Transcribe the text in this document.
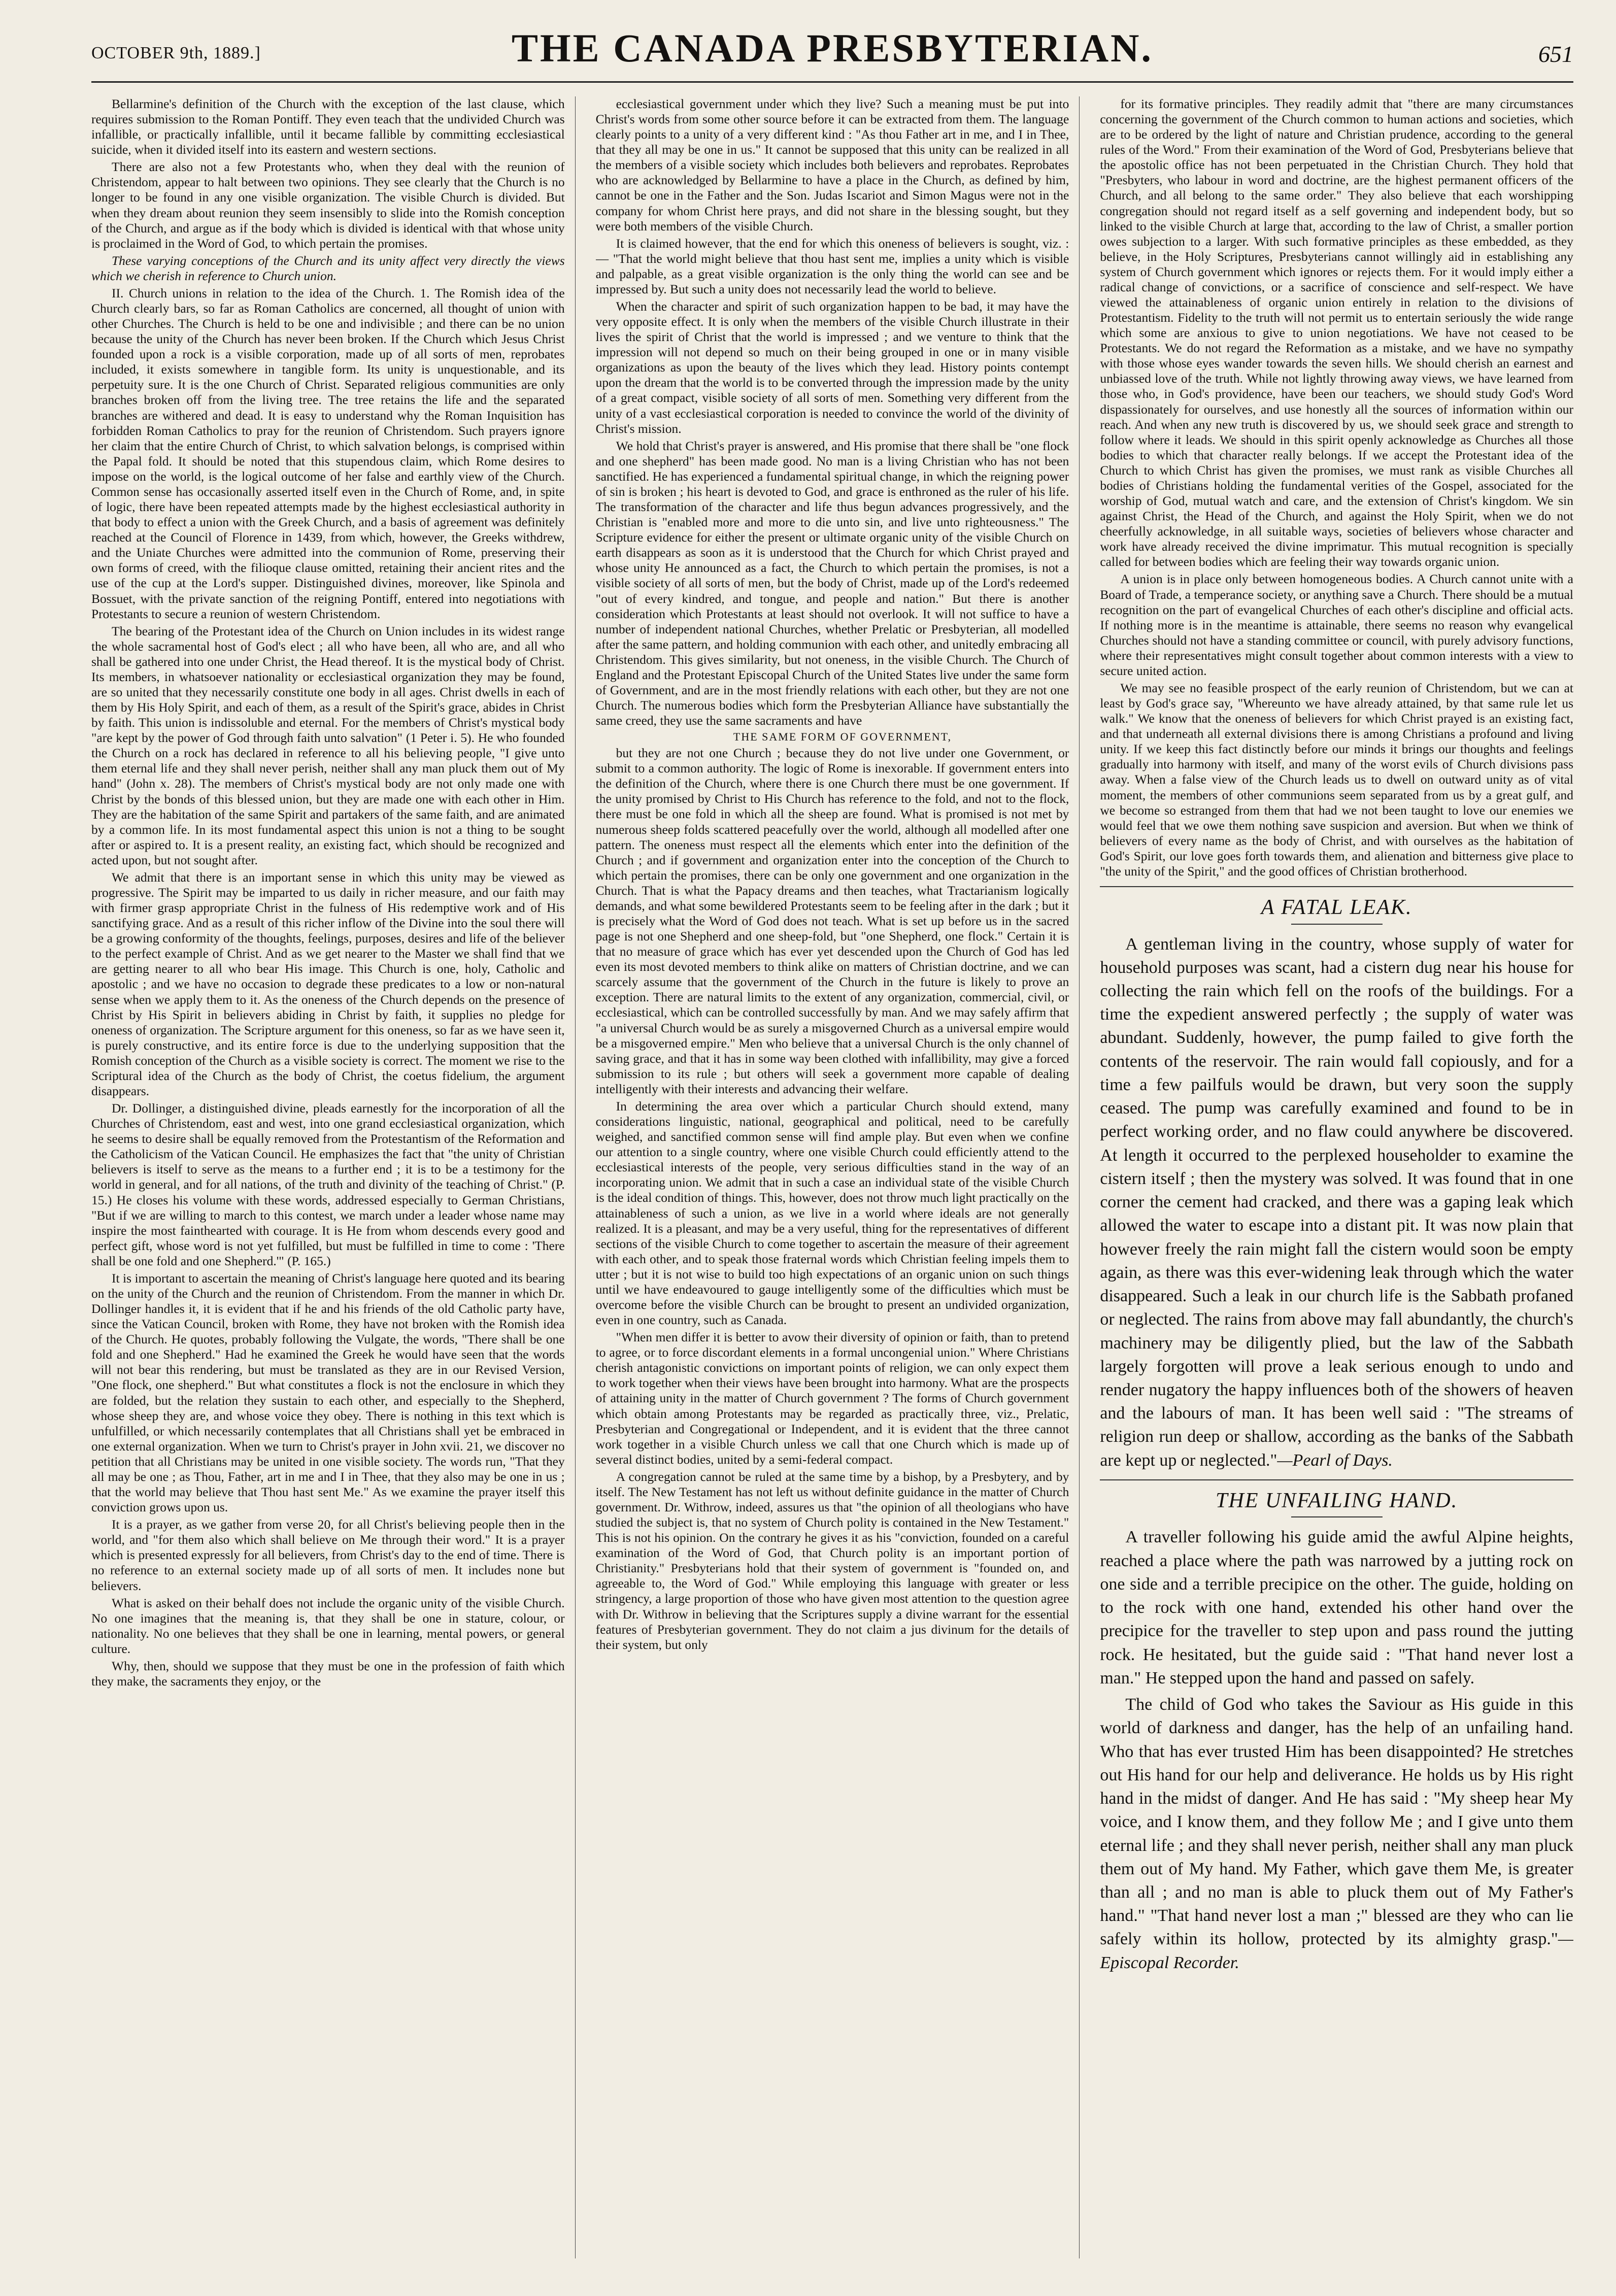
OCTOBER 9th, 1889.]	THE CANADA PRESBYTERIAN.	651

Bellarmine's definition of the Church with the exception of the last clause, which requires submission to the Roman Pontiff. They even teach that the undivided Church was infallible, or practically infallible, until it became fallible by committing ecclesiastical suicide, when it divided itself into its eastern and western sections.

There are also not a few Protestants who, when they deal with the reunion of Christendom, appear to halt between two opinions. They see clearly that the Church is no longer to be found in any one visible organization. The visible Church is divided. But when they dream about reunion they seem insensibly to slide into the Romish conception of the Church, and argue as if the body which is divided is identical with that whose unity is proclaimed in the Word of God, to which pertain the promises.

These varying conceptions of the Church and its unity affect very directly the views which we cherish in reference to Church union.

II. Church unions in relation to the idea of the Church. 1. The Romish idea of the Church clearly bars, so far as Roman Catholics are concerned, all thought of union with other Churches. The Church is held to be one and indivisible ; and there can be no union because the unity of the Church has never been broken. If the Church which Jesus Christ founded upon a rock is a visible corporation, made up of all sorts of men, reprobates included, it exists somewhere in tangible form. Its unity is unquestionable, and its perpetuity sure. It is the one Church of Christ. Separated religious communities are only branches broken off from the living tree. The tree retains the life and the separated branches are withered and dead. It is easy to understand why the Roman Inquisition has forbidden Roman Catholics to pray for the reunion of Christendom. Such prayers ignore her claim that the entire Church of Christ, to which salvation belongs, is comprised within the Papal fold. It should be noted that this stupendous claim, which Rome desires to impose on the world, is the logical outcome of her false and earthly view of the Church. Common sense has occasionally asserted itself even in the Church of Rome, and, in spite of logic, there have been repeated attempts made by the highest ecclesiastical authority in that body to effect a union with the Greek Church, and a basis of agreement was definitely reached at the Council of Florence in 1439, from which, however, the Greeks withdrew, and the Uniate Churches were admitted into the communion of Rome, preserving their own forms of creed, with the filioque clause omitted, retaining their ancient rites and the use of the cup at the Lord's supper. Distinguished divines, moreover, like Spinola and Bossuet, with the private sanction of the reigning Pontiff, entered into negotiations with Protestants to secure a reunion of western Christendom.

The bearing of the Protestant idea of the Church on Union includes in its widest range the whole sacramental host of God's elect ; all who have been, all who are, and all who shall be gathered into one under Christ, the Head thereof. It is the mystical body of Christ. Its members, in whatsoever nationality or ecclesiastical organization they may be found, are so united that they necessarily constitute one body in all ages. Christ dwells in each of them by His Holy Spirit, and each of them, as a result of the Spirit's grace, abides in Christ by faith. This union is indissoluble and eternal. For the members of Christ's mystical body "are kept by the power of God through faith unto salvation" (1 Peter i. 5). He who founded the Church on a rock has declared in reference to all his believing people, "I give unto them eternal life and they shall never perish, neither shall any man pluck them out of My hand" (John x. 28). The members of Christ's mystical body are not only made one with Christ by the bonds of this blessed union, but they are made one with each other in Him. They are the habitation of the same Spirit and partakers of the same faith, and are animated by a common life. In its most fundamental aspect this union is not a thing to be sought after or aspired to. It is a present reality, an existing fact, which should be recognized and acted upon, but not sought after.

We admit that there is an important sense in which this unity may be viewed as progressive. The Spirit may be imparted to us daily in richer measure, and our faith may with firmer grasp appropriate Christ in the fulness of His redemptive work and of His sanctifying grace. And as a result of this richer inflow of the Divine into the soul there will be a growing conformity of the thoughts, feelings, purposes, desires and life of the believer to the perfect example of Christ. And as we get nearer to the Master we shall find that we are getting nearer to all who bear His image. This Church is one, holy, Catholic and apostolic ; and we have no occasion to degrade these predicates to a low or non-natural sense when we apply them to it. As the oneness of the Church depends on the presence of Christ by His Spirit in believers abiding in Christ by faith, it supplies no pledge for oneness of organization. The Scripture argument for this oneness, so far as we have seen it, is purely constructive, and its entire force is due to the underlying supposition that the Romish conception of the Church as a visible society is correct. The moment we rise to the Scriptural idea of the Church as the body of Christ, the coetus fidelium, the argument disappears.

Dr. Dollinger, a distinguished divine, pleads earnestly for the incorporation of all the Churches of Christendom, east and west, into one grand ecclesiastical organization, which he seems to desire shall be equally removed from the Protestantism of the Reformation and the Catholicism of the Vatican Council. He emphasizes the fact that "the unity of Christian believers is itself to serve as the means to a further end ; it is to be a testimony for the world in general, and for all nations, of the truth and divinity of the teaching of Christ." (P. 15.) He closes his volume with these words, addressed especially to German Christians, "But if we are willing to march to this contest, we march under a leader whose name may inspire the most fainthearted with courage. It is He from whom descends every good and perfect gift, whose word is not yet fulfilled, but must be fulfilled in time to come : 'There shall be one fold and one Shepherd.'" (P. 165.)

It is important to ascertain the meaning of Christ's language here quoted and its bearing on the unity of the Church and the reunion of Christendom. From the manner in which Dr. Dollinger handles it, it is evident that if he and his friends of the old Catholic party have, since the Vatican Council, broken with Rome, they have not broken with the Romish idea of the Church. He quotes, probably following the Vulgate, the words, "There shall be one fold and one Shepherd." Had he examined the Greek he would have seen that the words will not bear this rendering, but must be translated as they are in our Revised Version, "One flock, one shepherd." But what constitutes a flock is not the enclosure in which they are folded, but the relation they sustain to each other, and especially to the Shepherd, whose sheep they are, and whose voice they obey. There is nothing in this text which is unfulfilled, or which necessarily contemplates that all Christians shall yet be embraced in one external organization. When we turn to Christ's prayer in John xvii. 21, we discover no petition that all Christians may be united in one visible society. The words run, "That they all may be one ; as Thou, Father, art in me and I in Thee, that they also may be one in us ; that the world may believe that Thou hast sent Me." As we examine the prayer itself this conviction grows upon us.

It is a prayer, as we gather from verse 20, for all Christ's believing people then in the world, and "for them also which shall believe on Me through their word." It is a prayer which is presented expressly for all believers, from Christ's day to the end of time. There is no reference to an external society made up of all sorts of men. It includes none but believers.

What is asked on their behalf does not include the organic unity of the visible Church. No one imagines that the meaning is, that they shall be one in stature, colour, or nationality. No one believes that they shall be one in learning, mental powers, or general culture.

Why, then, should we suppose that they must be one in the profession of faith which they make, the sacraments they enjoy, or the

ecclesiastical government under which they live? Such a meaning must be put into Christ's words from some other source before it can be extracted from them. The language clearly points to a unity of a very different kind : "As thou Father art in me, and I in Thee, that they all may be one in us." It cannot be supposed that this unity can be realized in all the members of a visible society which includes both believers and reprobates. Reprobates who are acknowledged by Bellarmine to have a place in the Church, as defined by him, cannot be one in the Father and the Son. Judas Iscariot and Simon Magus were not in the company for whom Christ here prays, and did not share in the blessing sought, but they were both members of the visible Church.

It is claimed however, that the end for which this oneness of believers is sought, viz. :— "That the world might believe that thou hast sent me, implies a unity which is visible and palpable, as a great visible organization is the only thing the world can see and be impressed by. But such a unity does not necessarily lead the world to believe.

When the character and spirit of such organization happen to be bad, it may have the very opposite effect. It is only when the members of the visible Church illustrate in their lives the spirit of Christ that the world is impressed ; and we venture to think that the impression will not depend so much on their being grouped in one or in many visible organizations as upon the beauty of the lives which they lead. History points contempt upon the dream that the world is to be converted through the impression made by the unity of a great compact, visible society of all sorts of men. Something very different from the unity of a vast ecclesiastical corporation is needed to convince the world of the divinity of Christ's mission.

We hold that Christ's prayer is answered, and His promise that there shall be "one flock and one shepherd" has been made good. No man is a living Christian who has not been sanctified. He has experienced a fundamental spiritual change, in which the reigning power of sin is broken ; his heart is devoted to God, and grace is enthroned as the ruler of his life. The transformation of the character and life thus begun advances progressively, and the Christian is "enabled more and more to die unto sin, and live unto righteousness." The Scripture evidence for either the present or ultimate organic unity of the visible Church on earth disappears as soon as it is understood that the Church for which Christ prayed and whose unity He announced as a fact, the Church to which pertain the promises, is not a visible society of all sorts of men, but the body of Christ, made up of the Lord's redeemed "out of every kindred, and tongue, and people and nation." But there is another consideration which Protestants at least should not overlook. It will not suffice to have a number of independent national Churches, whether Prelatic or Presbyterian, all modelled after the same pattern, and holding communion with each other, and unitedly embracing all Christendom. This gives similarity, but not oneness, in the visible Church. The Church of England and the Protestant Episcopal Church of the United States live under the same form of Government, and are in the most friendly relations with each other, but they are not one Church. The numerous bodies which form the Presbyterian Alliance have substantially the same creed, they use the same sacraments and have

THE SAME FORM OF GOVERNMENT,

but they are not one Church ; because they do not live under one Government, or submit to a common authority. The logic of Rome is inexorable. If government enters into the definition of the Church, where there is one Church there must be one government. If the unity promised by Christ to His Church has reference to the fold, and not to the flock, there must be one fold in which all the sheep are found. What is promised is not met by numerous sheep folds scattered peacefully over the world, although all modelled after one pattern. The oneness must respect all the elements which enter into the definition of the Church ; and if government and organization enter into the conception of the Church to which pertain the promises, there can be only one government and one organization in the Church. That is what the Papacy dreams and then teaches, what Tractarianism logically demands, and what some bewildered Protestants seem to be feeling after in the dark ; but it is precisely what the Word of God does not teach. What is set up before us in the sacred page is not one Shepherd and one sheep-fold, but "one Shepherd, one flock." Certain it is that no measure of grace which has ever yet descended upon the Church of God has led even its most devoted members to think alike on matters of Christian doctrine, and we can scarcely assume that the government of the Church in the future is likely to prove an exception. There are natural limits to the extent of any organization, commercial, civil, or ecclesiastical, which can be controlled successfully by man. And we may safely affirm that "a universal Church would be as surely a misgoverned Church as a universal empire would be a misgoverned empire." Men who believe that a universal Church is the only channel of saving grace, and that it has in some way been clothed with infallibility, may give a forced submission to its rule ; but others will seek a government more capable of dealing intelligently with their interests and advancing their welfare.

In determining the area over which a particular Church should extend, many considerations linguistic, national, geographical and political, need to be carefully weighed, and sanctified common sense will find ample play. But even when we confine our attention to a single country, where one visible Church could efficiently attend to the ecclesiastical interests of the people, very serious difficulties stand in the way of an incorporating union. We admit that in such a case an individual state of the visible Church is the ideal condition of things. This, however, does not throw much light practically on the attainableness of such a union, as we live in a world where ideals are not generally realized. It is a pleasant, and may be a very useful, thing for the representatives of different sections of the visible Church to come together to ascertain the measure of their agreement with each other, and to speak those fraternal words which Christian feeling impels them to utter ; but it is not wise to build too high expectations of an organic union on such things until we have endeavoured to gauge intelligently some of the difficulties which must be overcome before the visible Church can be brought to present an undivided organization, even in one country, such as Canada.

"When men differ it is better to avow their diversity of opinion or faith, than to pretend to agree, or to force discordant elements in a formal uncongenial union." Where Christians cherish antagonistic convictions on important points of religion, we can only expect them to work together when their views have been brought into harmony. What are the prospects of attaining unity in the matter of Church government ? The forms of Church government which obtain among Protestants may be regarded as practically three, viz., Prelatic, Presbyterian and Congregational or Independent, and it is evident that the three cannot work together in a visible Church unless we call that one Church which is made up of several distinct bodies, united by a semi-federal compact.

A congregation cannot be ruled at the same time by a bishop, by a Presbytery, and by itself. The New Testament has not left us without definite guidance in the matter of Church government. Dr. Withrow, indeed, assures us that "the opinion of all theologians who have studied the subject is, that no system of Church polity is contained in the New Testament." This is not his opinion. On the contrary he gives it as his "conviction, founded on a careful examination of the Word of God, that Church polity is an important portion of Christianity." Presbyterians hold that their system of government is "founded on, and agreeable to, the Word of God." While employing this language with greater or less stringency, a large proportion of those who have given most attention to the question agree with Dr. Withrow in believing that the Scriptures supply a divine warrant for the essential features of Presbyterian government. They do not claim a jus divinum for the details of their system, but only

for its formative principles. They readily admit that "there are many circumstances concerning the government of the Church common to human actions and societies, which are to be ordered by the light of nature and Christian prudence, according to the general rules of the Word." From their examination of the Word of God, Presbyterians believe that the apostolic office has not been perpetuated in the Christian Church. They hold that "Presbyters, who labour in word and doctrine, are the highest permanent officers of the Church, and all belong to the same order." They also believe that each worshipping congregation should not regard itself as a self governing and independent body, but so linked to the visible Church at large that, according to the law of Christ, a smaller portion owes subjection to a larger. With such formative principles as these embedded, as they believe, in the Holy Scriptures, Presbyterians cannot willingly aid in establishing any system of Church government which ignores or rejects them. For it would imply either a radical change of convictions, or a sacrifice of conscience and self-respect. We have viewed the attainableness of organic union entirely in relation to the divisions of Protestantism. Fidelity to the truth will not permit us to entertain seriously the wide range which some are anxious to give to union negotiations. We have not ceased to be Protestants. We do not regard the Reformation as a mistake, and we have no sympathy with those whose eyes wander towards the seven hills. We should cherish an earnest and unbiassed love of the truth. While not lightly throwing away views, we have learned from those who, in God's providence, have been our teachers, we should study God's Word dispassionately for ourselves, and use honestly all the sources of information within our reach. And when any new truth is discovered by us, we should seek grace and strength to follow where it leads. We should in this spirit openly acknowledge as Churches all those bodies to which that character really belongs. If we accept the Protestant idea of the Church to which Christ has given the promises, we must rank as visible Churches all bodies of Christians holding the fundamental verities of the Gospel, associated for the worship of God, mutual watch and care, and the extension of Christ's kingdom. We sin against Christ, the Head of the Church, and against the Holy Spirit, when we do not cheerfully acknowledge, in all suitable ways, societies of believers whose character and work have already received the divine imprimatur. This mutual recognition is specially called for between bodies which are feeling their way towards organic union.

A union is in place only between homogeneous bodies. A Church cannot unite with a Board of Trade, a temperance society, or anything save a Church. There should be a mutual recognition on the part of evangelical Churches of each other's discipline and official acts. If nothing more is in the meantime is attainable, there seems no reason why evangelical Churches should not have a standing committee or council, with purely advisory functions, where their representatives might consult together about common interests with a view to secure united action.

We may see no feasible prospect of the early reunion of Christendom, but we can at least by God's grace say, "Whereunto we have already attained, by that same rule let us walk." We know that the oneness of believers for which Christ prayed is an existing fact, and that underneath all external divisions there is among Christians a profound and living unity. If we keep this fact distinctly before our minds it brings our thoughts and feelings gradually into harmony with itself, and many of the worst evils of Church divisions pass away. When a false view of the Church leads us to dwell on outward unity as of vital moment, the members of other communions seem separated from us by a great gulf, and we become so estranged from them that had we not been taught to love our enemies we would feel that we owe them nothing save suspicion and aversion. But when we think of believers of every name as the body of Christ, and with ourselves as the habitation of God's Spirit, our love goes forth towards them, and alienation and bitterness give place to "the unity of the Spirit," and the good offices of Christian brotherhood.

A FATAL LEAK.

A gentleman living in the country, whose supply of water for household purposes was scant, had a cistern dug near his house for collecting the rain which fell on the roofs of the buildings. For a time the expedient answered perfectly ; the supply of water was abundant. Suddenly, however, the pump failed to give forth the contents of the reservoir. The rain would fall copiously, and for a time a few pailfuls would be drawn, but very soon the supply ceased. The pump was carefully examined and found to be in perfect working order, and no flaw could anywhere be discovered. At length it occurred to the perplexed householder to examine the cistern itself ; then the mystery was solved. It was found that in one corner the cement had cracked, and there was a gaping leak which allowed the water to escape into a distant pit. It was now plain that however freely the rain might fall the cistern would soon be empty again, as there was this ever-widening leak through which the water disappeared. Such a leak in our church life is the Sabbath profaned or neglected. The rains from above may fall abundantly, the church's machinery may be diligently plied, but the law of the Sabbath largely forgotten will prove a leak serious enough to undo and render nugatory the happy influences both of the showers of heaven and the labours of man. It has been well said : "The streams of religion run deep or shallow, according as the banks of the Sabbath are kept up or neglected."—Pearl of Days.

THE UNFAILING HAND.

A traveller following his guide amid the awful Alpine heights, reached a place where the path was narrowed by a jutting rock on one side and a terrible precipice on the other. The guide, holding on to the rock with one hand, extended his other hand over the precipice for the traveller to step upon and pass round the jutting rock. He hesitated, but the guide said : "That hand never lost a man." He stepped upon the hand and passed on safely.

The child of God who takes the Saviour as His guide in this world of darkness and danger, has the help of an unfailing hand. Who that has ever trusted Him has been disappointed? He stretches out His hand for our help and deliverance. He holds us by His right hand in the midst of danger. And He has said : "My sheep hear My voice, and I know them, and they follow Me ; and I give unto them eternal life ; and they shall never perish, neither shall any man pluck them out of My hand. My Father, which gave them Me, is greater than all ; and no man is able to pluck them out of My Father's hand." "That hand never lost a man ;" blessed are they who can lie safely within its hollow, protected by its almighty grasp."—Episcopal Recorder.
